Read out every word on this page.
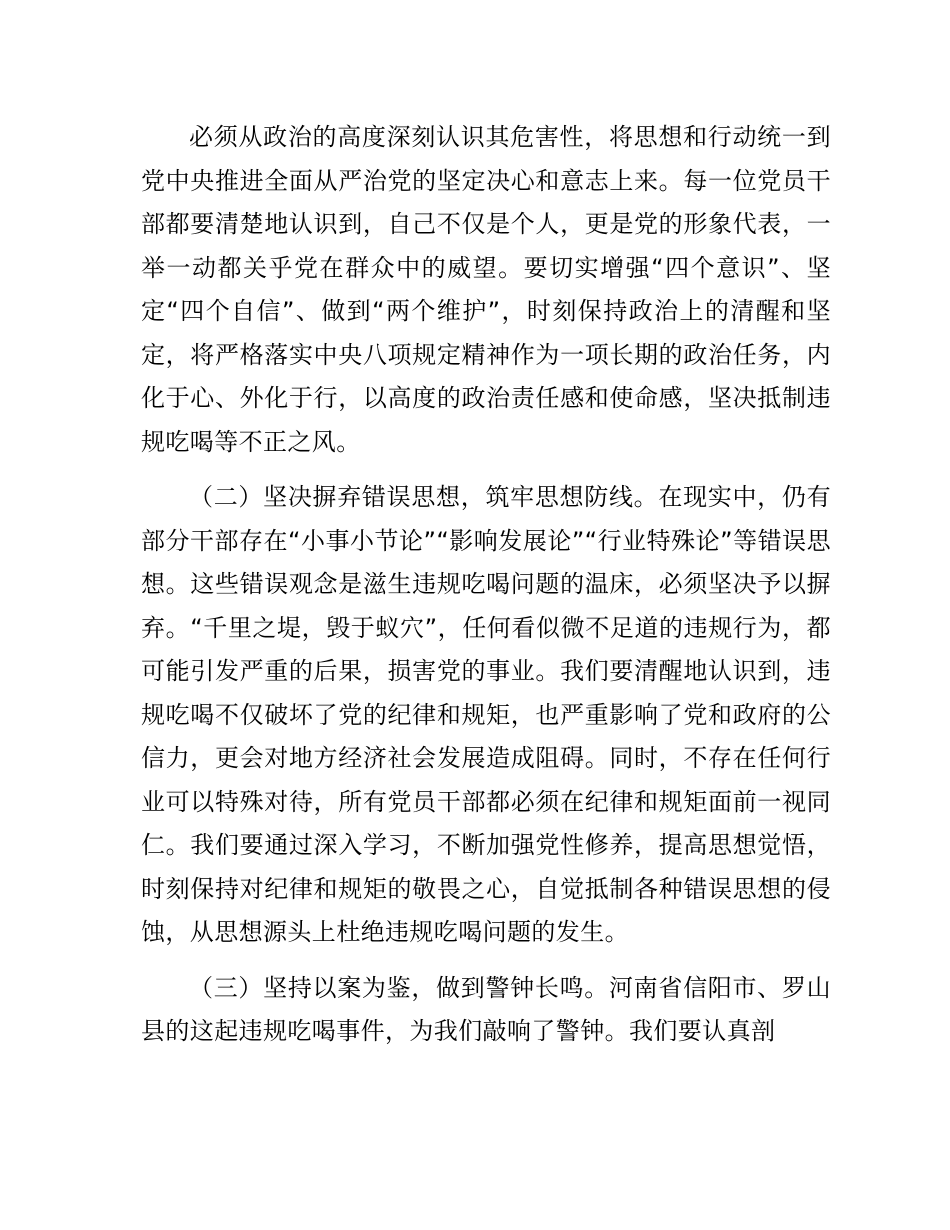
必须从政治的高度深刻认识其危害性，将思想和行动统一到党中央推进全面从严治党的坚定决心和意志上来。每一位党员干部都要清楚地认识到，自己不仅是个人，更是党的形象代表，一举一动都关乎党在群众中的威望。要切实增强“四个意识”、坚定“四个自信”、做到“两个维护”，时刻保持政治上的清醒和坚定，将严格落实中央八项规定精神作为一项长期的政治任务，内化于心、外化于行，以高度的政治责任感和使命感，坚决抵制违规吃喝等不正之风。

（二）坚决摒弃错误思想，筑牢思想防线。在现实中，仍有部分干部存在“小事小节论”“影响发展论”“行业特殊论”等错误思想。这些错误观念是滋生违规吃喝问题的温床，必须坚决予以摒弃。“千里之堤，毁于蚁穴”，任何看似微不足道的违规行为，都可能引发严重的后果，损害党的事业。我们要清醒地认识到，违规吃喝不仅破坏了党的纪律和规矩，也严重影响了党和政府的公信力，更会对地方经济社会发展造成阻碍。同时，不存在任何行业可以特殊对待，所有党员干部都必须在纪律和规矩面前一视同仁。我们要通过深入学习，不断加强党性修养，提高思想觉悟，时刻保持对纪律和规矩的敬畏之心，自觉抵制各种错误思想的侵蚀，从思想源头上杜绝违规吃喝问题的发生。

（三）坚持以案为鉴，做到警钟长鸣。河南省信阳市、罗山县的这起违规吃喝事件，为我们敲响了警钟。我们要认真剖
